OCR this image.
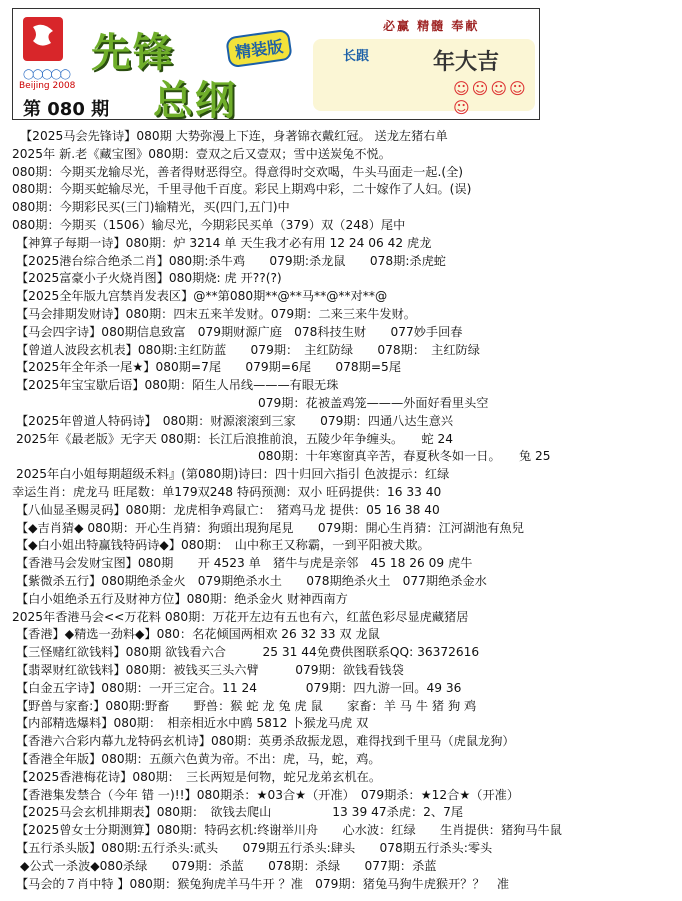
◯◯◯◯◯
Beijing 2008
先锋
总纲
精装版
第 080 期
必赢 精髓 奉献
长跟	年大吉
☺☺☺☺☺
【2025马会先锋诗】080期 大势弥漫上下连，身著锦衣戴红冠。 送龙左猪右单
2025年 新.老《藏宝图》080期：壹双之后又壹双；雪中送炭兔不悦。
080期：今期买龙输尽光，善者得财恶得空。得意得时交欢喝，牛头马面走一起.(全)
080期：今期买蛇输尽光，千里寻他千百度。彩民上期鸡中彩，二十嫁作了人妇。(误)
080期：今期彩民买(三门)输精光，买(四门,五门)中
080期：今期买（1506）输尽光，今期彩民买单（379）双（248）尾中
【神算子每期一诗】080期：炉 3214 单 天生我才必有用 12 24 06 42 虎龙
【2025港台综合绝杀二肖】080期:杀牛鸡　　079期:杀龙鼠　　078期:杀虎蛇
【2025富豪小子火烧肖图】080期烧: 虎 开??(?)
【2025全年版九宫禁肖发表区】@**第080期**@**马**@**对**@
【马会排期发财诗】080期：四末五来羊发财。079期：二来三来牛发财。
【马会四字诗】080期信息致富　079期财源广庭　078科技生财　　077妙手回春
【曾道人波段玄机表】080期:主红防蓝　　079期：　主红防绿　　078期：　主红防绿
【2025年全年杀一尾★】080期=7尾　　079期=6尾　　078期=5尾
【2025年宝宝歇后语】080期：陌生人吊线———有眼无珠
079期：花被盖鸡笼———外面好看里头空
【2025年曾道人特码诗】　080期：财源滚滚到三家　　079期：四通八达生意兴
2025年《最老版》无字天 080期：长江后浪推前浪，五陵少年争缠头。　　蛇 24
080期：十年寒窗真辛苦，春夏秋冬如一日。　　兔 25
2025年白小姐每期超级禾料』(第080期)诗曰：四十归回六指引 色波提示：红绿
幸运生肖：虎龙马 旺尾数：单179双248 特码预测：双小 旺码提供：16 33 40
【八仙显圣赐灵码】080期：龙虎相争鸡鼠亡：　猪鸡马龙 提供：05 16 38 40
【◆吉肖猜◆ 080期：开心生肖猜：狗頭出現狗尾見　　079期：開心生肖猜：江河湖池有魚兒
【◆白小姐出特赢钱特码诗◆】080期：　山中称王又称霸，一到平阳被犬欺。
【香港马会发财宝图】080期　　开 4523 单　猪牛与虎是亲邻　45 18 26 09 虎牛
【紫微杀五行】080期绝杀金火　079期绝杀水土　　078期绝杀火土　077期绝杀金水
【白小姐绝杀五行及财神方位】080期：绝杀金火 财神西南方
2025年香港马会<<万花料 080期：万花开左边有五也有六，红蓝色彩尽显虎藏猪居
【香港】◆精选一劲料◆】080：名花倾国两相欢 26 32 33 双 龙鼠
【三怪赌红欲钱料】080期 欲钱看六合　　　25 31 44免费供图联系QQ: 36372616
【翡翠财红欲钱料】080期：被钱买三头六臂　　　079期：欲钱看钱袋
【白金五字诗】080期：一开三定合。11 24　　　　079期：四九游一回。49 36
【野兽与家畜:】080期:野畜　　野兽：猴 蛇 龙 兔 虎 鼠　　家畜：羊 马 牛 猪 狗 鸡
【内部精选爆料】080期：　相亲相近水中鸥 5812 卜猴龙马虎 双
【香港六合彩内幕九龙特码玄机诗】080期：英勇杀敌振龙恩，难得找到千里马（虎鼠龙狗）
【香港全年版】080期：五颜六色黄为帝。不出：虎，马，蛇，鸡。
【2025香港梅花诗】080期：　三长两短是何物，蛇兄龙弟玄机在。
【香港集发禁合（今年 错 一)!!】080期杀：★03合★（开准）　079期杀：★12合★（开准）
【2025马会玄机排期表】080期：　欲钱去爬山　　　　　13 39 47杀虎：2、7尾
【2025曾女士分期测算】080期：特码玄机:终谢举川舟　　心水波：红绿　　生肖提供：猪狗马牛鼠
【五行杀头版】080期:五行杀头:贰头　　079期五行杀头:肆头　　078期五行杀头:零头
◆公式一杀波◆080杀绿　　079期：杀蓝　　078期：杀绿　　077期：杀蓝
【马会的７肖中特 】080期：猴兔狗虎羊马牛开 ？准　079期：猪兔马狗牛虎猴开？？　准
